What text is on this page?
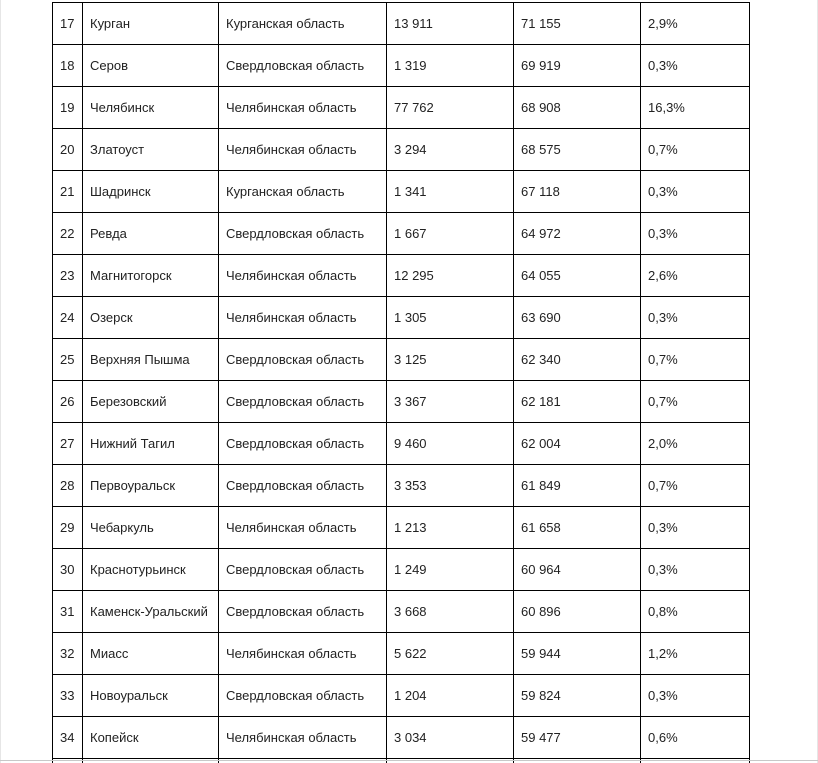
17	Курган	Курганская область	13 911	71 155	2,9%
18	Серов	Свердловская область	1 319	69 919	0,3%
19	Челябинск	Челябинская область	77 762	68 908	16,3%
20	Златоуст	Челябинская область	3 294	68 575	0,7%
21	Шадринск	Курганская область	1 341	67 118	0,3%
22	Ревда	Свердловская область	1 667	64 972	0,3%
23	Магнитогорск	Челябинская область	12 295	64 055	2,6%
24	Озерск	Челябинская область	1 305	63 690	0,3%
25	Верхняя Пышма	Свердловская область	3 125	62 340	0,7%
26	Березовский	Свердловская область	3 367	62 181	0,7%
27	Нижний Тагил	Свердловская область	9 460	62 004	2,0%
28	Первоуральск	Свердловская область	3 353	61 849	0,7%
29	Чебаркуль	Челябинская область	1 213	61 658	0,3%
30	Краснотурьинск	Свердловская область	1 249	60 964	0,3%
31	Каменск-Уральский	Свердловская область	3 668	60 896	0,8%
32	Миасс	Челябинская область	5 622	59 944	1,2%
33	Новоуральск	Свердловская область	1 204	59 824	0,3%
34	Копейск	Челябинская область	3 034	59 477	0,6%
